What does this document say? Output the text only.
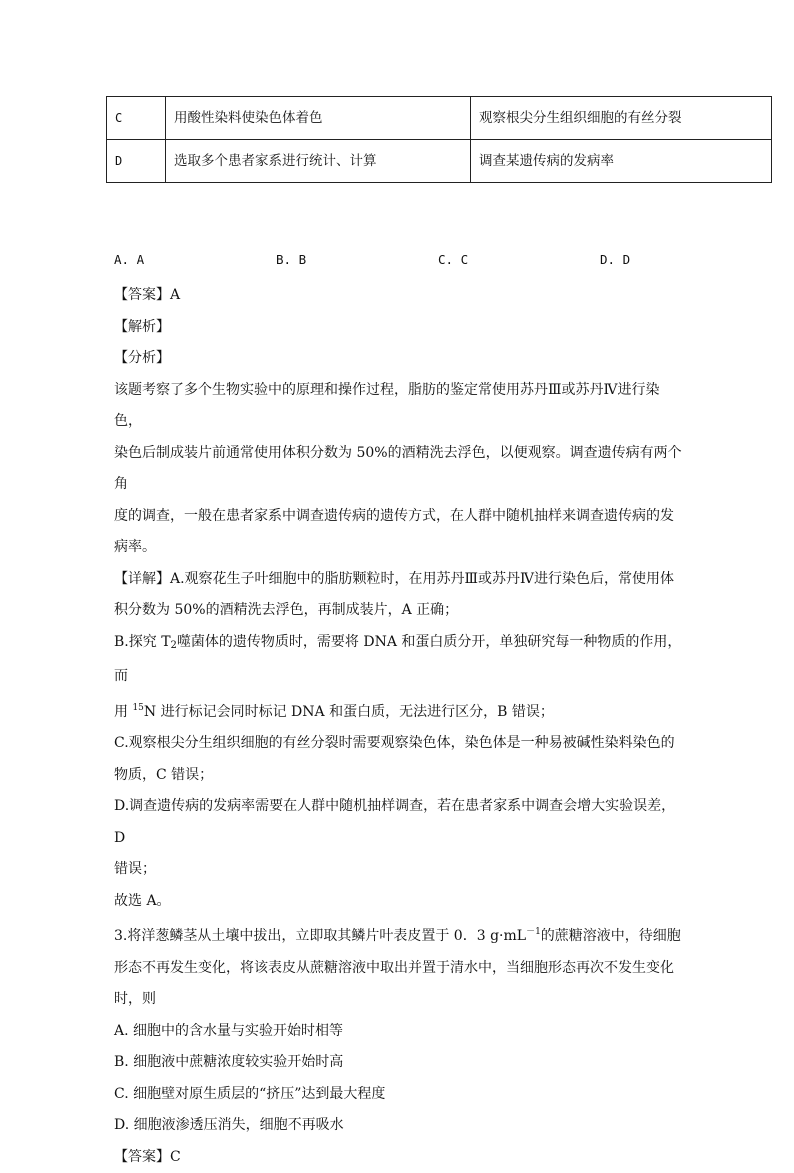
C	用酸性染料使染色体着色	观察根尖分生组织细胞的有丝分裂
D	选取多个患者家系进行统计、计算	调查某遗传病的发病率
A. A	B. B	C. C	D. D

【答案】A

【解析】

【分析】

该题考察了多个生物实验中的原理和操作过程，脂肪的鉴定常使用苏丹Ⅲ或苏丹Ⅳ进行染色，

染色后制成装片前通常使用体积分数为 50%的酒精洗去浮色，以便观察。调查遗传病有两个角

度的调查，一般在患者家系中调查遗传病的遗传方式，在人群中随机抽样来调查遗传病的发

病率。

【详解】A.观察花生子叶细胞中的脂肪颗粒时，在用苏丹Ⅲ或苏丹Ⅳ进行染色后，常使用体

积分数为 50%的酒精洗去浮色，再制成装片，A 正确；

B.探究 $T_2$噬菌体的遗传物质时，需要将 DNA 和蛋白质分开，单独研究每一种物质的作用，而

用 $^{15}$N 进行标记会同时标记 DNA 和蛋白质，无法进行区分，B 错误；

C.观察根尖分生组织细胞的有丝分裂时需要观察染色体，染色体是一种易被碱性染料染色的

物质，C 错误；

D.调查遗传病的发病率需要在人群中随机抽样调查，若在患者家系中调查会增大实验误差，D

错误；

故选 A。

3.将洋葱鳞茎从土壤中拔出，立即取其鳞片叶表皮置于 0．3 $g\cdot mL^{-1}$的蔗糖溶液中，待细胞

形态不再发生变化，将该表皮从蔗糖溶液中取出并置于清水中，当细胞形态再次不发生变化

时，则

A. 细胞中的含水量与实验开始时相等

B. 细胞液中蔗糖浓度较实验开始时高

C. 细胞壁对原生质层的“挤压”达到最大程度

D. 细胞液渗透压消失，细胞不再吸水

【答案】C
